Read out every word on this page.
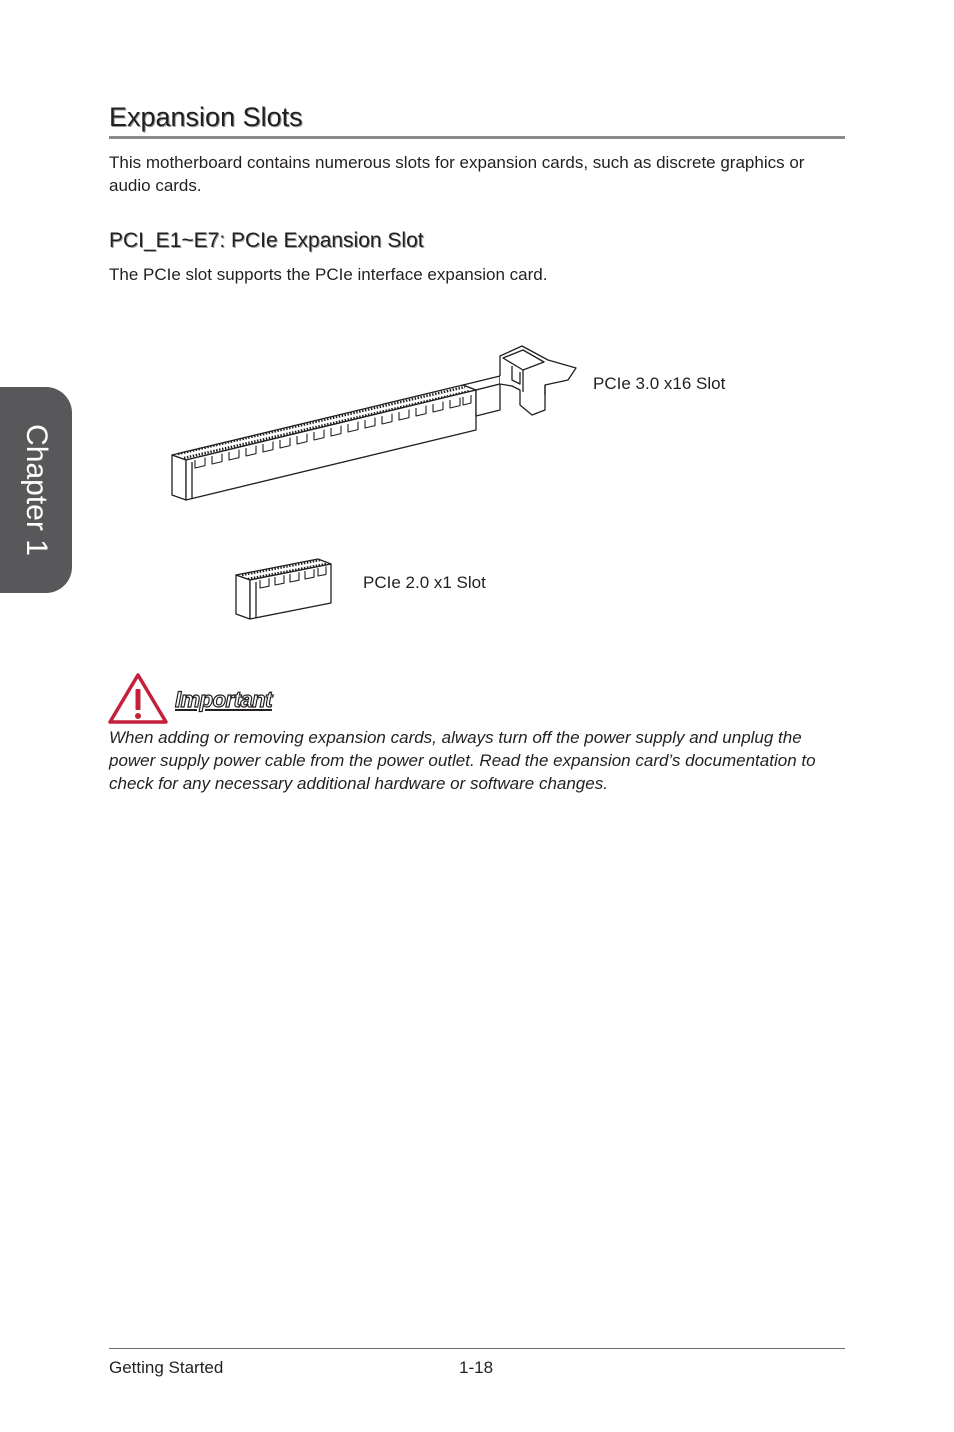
Chapter 1
Expansion Slots

This motherboard contains numerous slots for expansion cards, such as discrete graphics or audio cards.

PCI_E1~E7: PCIe Expansion Slot

The PCIe slot supports the PCIe interface expansion card.

PCIe 3.0 x16 Slot
PCIe 2.0 x1 Slot
Important

When adding or removing expansion cards, always turn off the power supply and unplug the power supply power cable from the power outlet. Read the expansion card’s documentation to check for any necessary additional hardware or software changes.

Getting Started	1-18
